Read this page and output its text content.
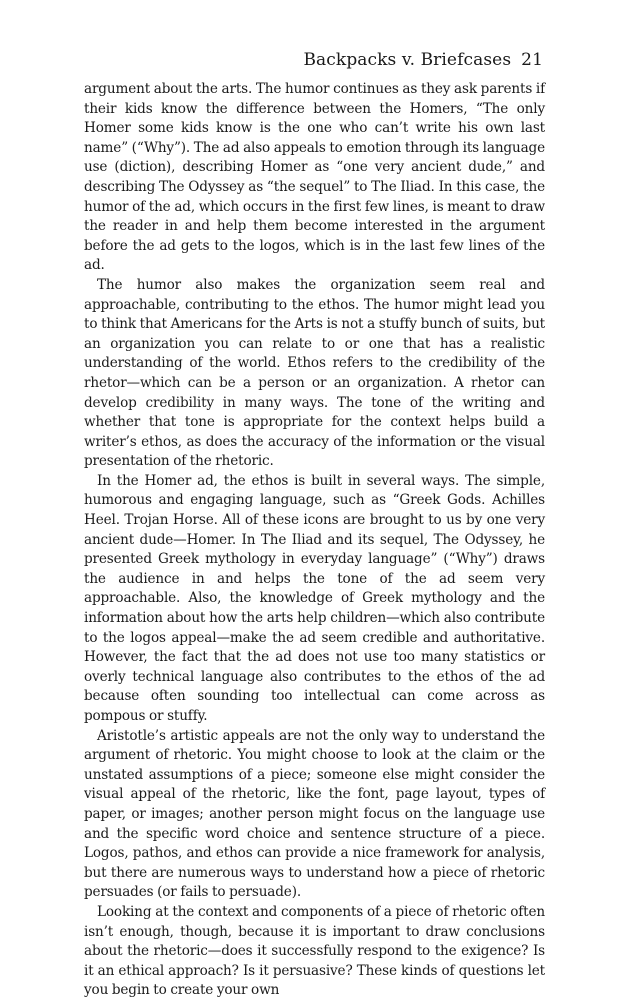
Backpacks v. Briefcases 21

argument about the arts. The humor continues as they ask parents if their kids know the difference between the Homers, “The only Homer some kids know is the one who can’t write his own last name” (“Why”). The ad also appeals to emotion through its language use (diction), describing Homer as “one very ancient dude,” and describing The Odyssey as “the sequel” to The Iliad. In this case, the humor of the ad, which occurs in the first few lines, is meant to draw the reader in and help them become interested in the argument before the ad gets to the logos, which is in the last few lines of the ad.

The humor also makes the organization seem real and approachable, contributing to the ethos. The humor might lead you to think that Americans for the Arts is not a stuffy bunch of suits, but an organization you can relate to or one that has a realistic understanding of the world. Ethos refers to the credibility of the rhetor—which can be a person or an organization. A rhetor can develop credibility in many ways. The tone of the writing and whether that tone is appropriate for the context helps build a writer’s ethos, as does the accuracy of the information or the visual presentation of the rhetoric.

In the Homer ad, the ethos is built in several ways. The simple, humorous and engaging language, such as “Greek Gods. Achilles Heel. Trojan Horse. All of these icons are brought to us by one very ancient dude—Homer. In The Iliad and its sequel, The Odyssey, he presented Greek mythology in everyday language” (“Why”) draws the audience in and helps the tone of the ad seem very approachable. Also, the knowledge of Greek mythology and the information about how the arts help children—which also contribute to the logos appeal—make the ad seem credible and authoritative. However, the fact that the ad does not use too many statistics or overly technical language also contributes to the ethos of the ad because often sounding too intellectual can come across as pompous or stuffy.

Aristotle’s artistic appeals are not the only way to understand the argument of rhetoric. You might choose to look at the claim or the unstated assumptions of a piece; someone else might consider the visual appeal of the rhetoric, like the font, page layout, types of paper, or images; another person might focus on the language use and the specific word choice and sentence structure of a piece. Logos, pathos, and ethos can provide a nice framework for analysis, but there are numerous ways to understand how a piece of rhetoric persuades (or fails to persuade).

Looking at the context and components of a piece of rhetoric often isn’t enough, though, because it is important to draw conclusions about the rhetoric—does it successfully respond to the exigence? Is it an ethical approach? Is it persuasive? These kinds of questions let you begin to create your own
